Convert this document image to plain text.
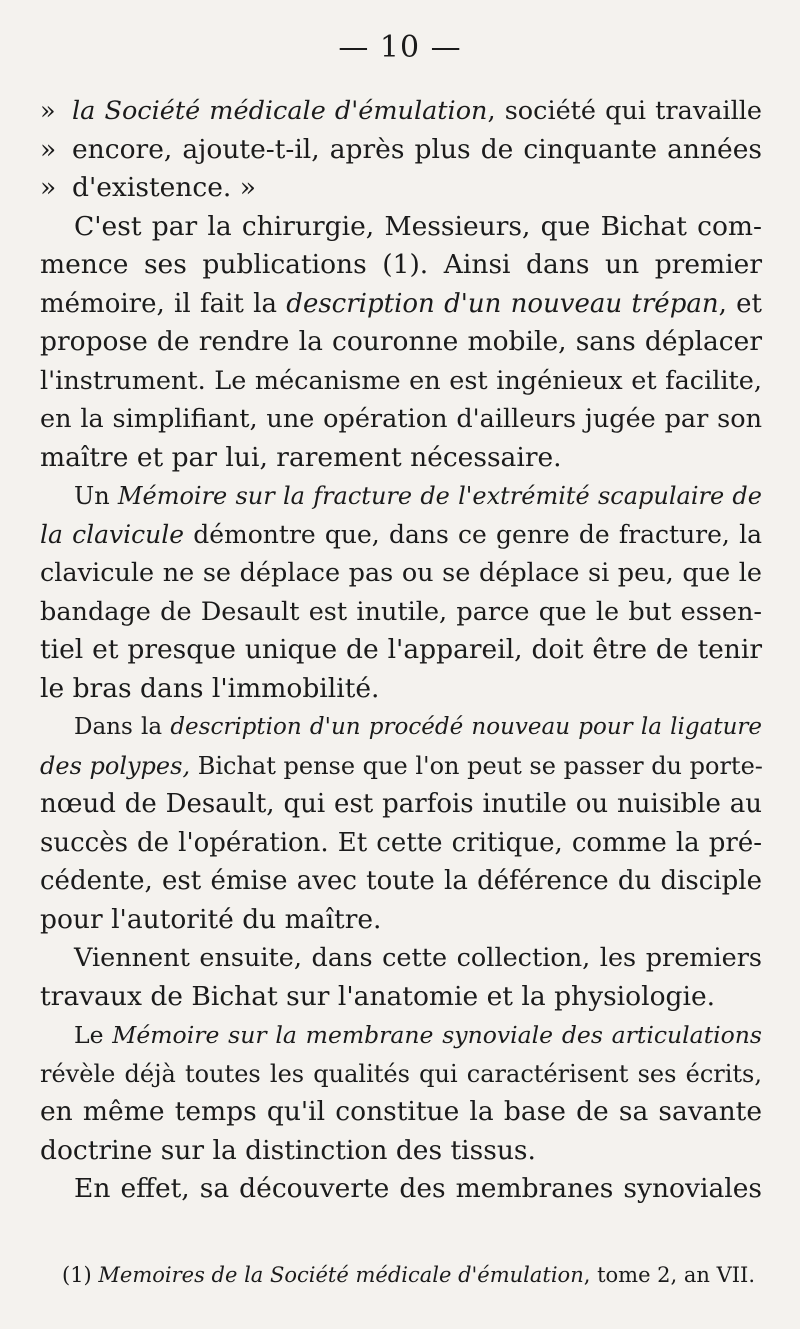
— 10 —
» la Société médicale d'émulation, société qui travaille
» encore, ajoute-t-il, après plus de cinquante années
» d'existence. »
C'est par la chirurgie, Messieurs, que Bichat com-
mence ses publications (1). Ainsi dans un premier
mémoire, il fait la description d'un nouveau trépan, et
propose de rendre la couronne mobile, sans déplacer
l'instrument. Le mécanisme en est ingénieux et facilite,
en la simplifiant, une opération d'ailleurs jugée par son
maître et par lui, rarement nécessaire.
Un Mémoire sur la fracture de l'extrémité scapulaire de
la clavicule démontre que, dans ce genre de fracture, la
clavicule ne se déplace pas ou se déplace si peu, que le
bandage de Desault est inutile, parce que le but essen-
tiel et presque unique de l'appareil, doit être de tenir
le bras dans l'immobilité.
Dans la description d'un procédé nouveau pour la ligature
des polypes, Bichat pense que l'on peut se passer du porte-
nœud de Desault, qui est parfois inutile ou nuisible au
succès de l'opération. Et cette critique, comme la pré-
cédente, est émise avec toute la déférence du disciple
pour l'autorité du maître.
Viennent ensuite, dans cette collection, les premiers
travaux de Bichat sur l'anatomie et la physiologie.
Le Mémoire sur la membrane synoviale des articulations
révèle déjà toutes les qualités qui caractérisent ses écrits,
en même temps qu'il constitue la base de sa savante
doctrine sur la distinction des tissus.
En effet, sa découverte des membranes synoviales
(1) Memoires de la Société médicale d'émulation, tome 2, an VII.
